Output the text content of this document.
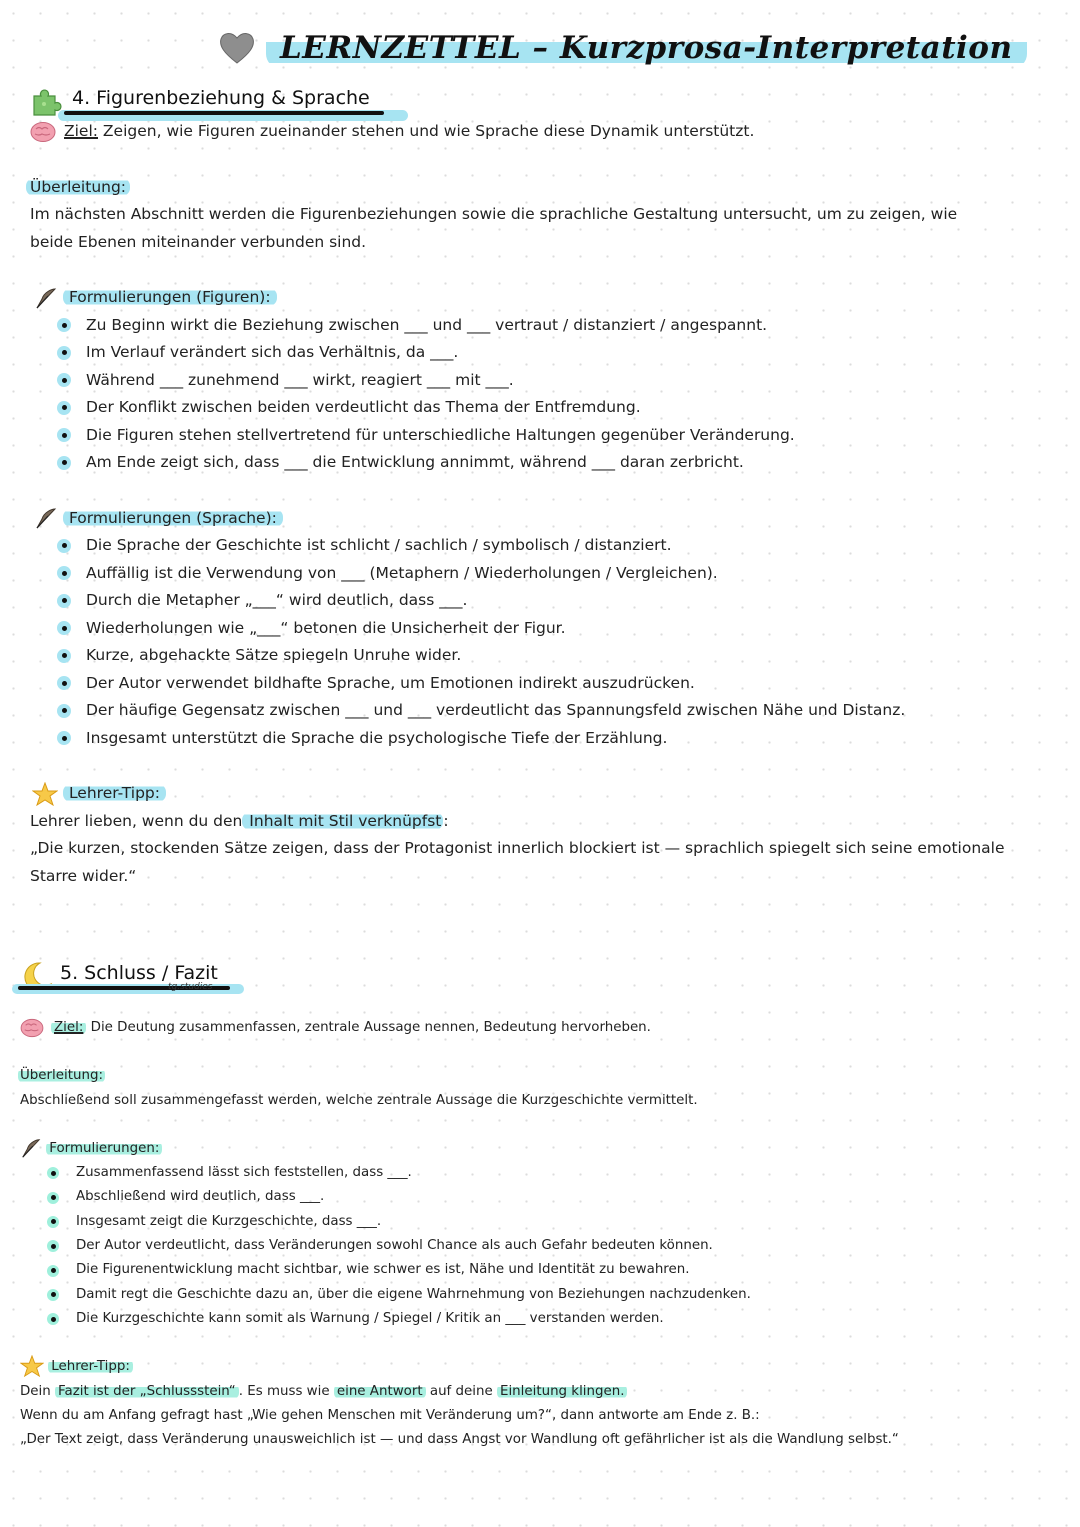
LERNZETTEL – Kurzprosa-Interpretation
4. Figurenbeziehung & Sprache
Ziel: Zeigen, wie Figuren zueinander stehen und wie Sprache diese Dynamik unterstützt.
Überleitung:
Im nächsten Abschnitt werden die Figurenbeziehungen sowie die sprachliche Gestaltung untersucht, um zu zeigen, wie beide Ebenen miteinander verbunden sind.
Formulierungen (Figuren):
Zu Beginn wirkt die Beziehung zwischen ___ und ___ vertraut / distanziert / angespannt.
Im Verlauf verändert sich das Verhältnis, da ___.
Während ___ zunehmend ___ wirkt, reagiert ___ mit ___.
Der Konflikt zwischen beiden verdeutlicht das Thema der Entfremdung.
Die Figuren stehen stellvertretend für unterschiedliche Haltungen gegenüber Veränderung.
Am Ende zeigt sich, dass ___ die Entwicklung annimmt, während ___ daran zerbricht.
Formulierungen (Sprache):
Die Sprache der Geschichte ist schlicht / sachlich / symbolisch / distanziert.
Auffällig ist die Verwendung von ___ (Metaphern / Wiederholungen / Vergleichen).
Durch die Metapher „___“ wird deutlich, dass ___.
Wiederholungen wie „___“ betonen die Unsicherheit der Figur.
Kurze, abgehackte Sätze spiegeln Unruhe wider.
Der Autor verwendet bildhafte Sprache, um Emotionen indirekt auszudrücken.
Der häufige Gegensatz zwischen ___ und ___ verdeutlicht das Spannungsfeld zwischen Nähe und Distanz.
Insgesamt unterstützt die Sprache die psychologische Tiefe der Erzählung.
Lehrer-Tipp:
Lehrer lieben, wenn du den Inhalt mit Stil verknüpfst :
„Die kurzen, stockenden Sätze zeigen, dass der Protagonist innerlich blockiert ist — sprachlich spiegelt sich seine emotionale Starre wider.“
5. Schluss / Fazit
tg.studies
Ziel: Die Deutung zusammenfassen, zentrale Aussage nennen, Bedeutung hervorheben.
Überleitung:
Abschließend soll zusammengefasst werden, welche zentrale Aussage die Kurzgeschichte vermittelt.
Formulierungen:
Zusammenfassend lässt sich feststellen, dass ___.
Abschließend wird deutlich, dass ___.
Insgesamt zeigt die Kurzgeschichte, dass ___.
Der Autor verdeutlicht, dass Veränderungen sowohl Chance als auch Gefahr bedeuten können.
Die Figurenentwicklung macht sichtbar, wie schwer es ist, Nähe und Identität zu bewahren.
Damit regt die Geschichte dazu an, über die eigene Wahrnehmung von Beziehungen nachzudenken.
Die Kurzgeschichte kann somit als Warnung / Spiegel / Kritik an ___ verstanden werden.
Lehrer-Tipp:
Dein Fazit ist der „Schlussstein“ . Es muss wie eine Antwort auf deine Einleitung klingen.
Wenn du am Anfang gefragt hast „Wie gehen Menschen mit Veränderung um?“, dann antworte am Ende z. B.:
„Der Text zeigt, dass Veränderung unausweichlich ist — und dass Angst vor Wandlung oft gefährlicher ist als die Wandlung selbst.“
